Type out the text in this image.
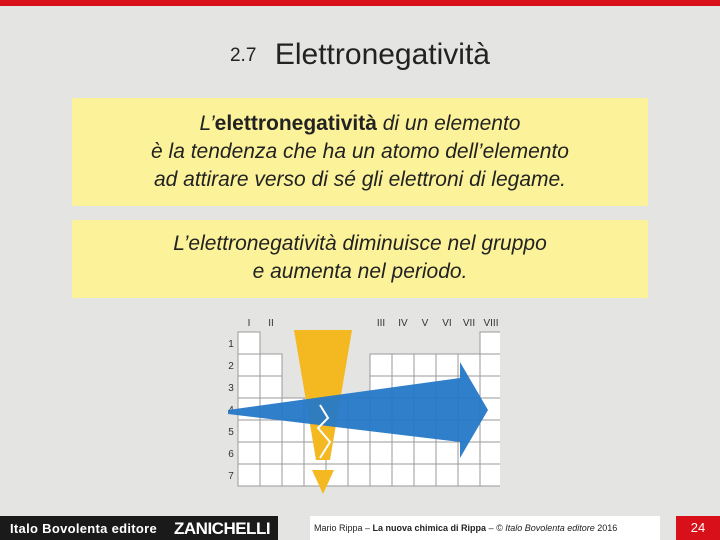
2.7 Elettronegatività
L’elettronegatività di un elemento
è la tendenza che ha un atomo dell’elemento
ad attirare verso di sé gli elettroni di legame.
L’elettronegatività diminuisce nel gruppo
e aumenta nel periodo.
I II	III IV V VI VII VIII
1
2
3
5
6
7
Italo Bovolenta editore ZANICHELLI	Mario Rippa – La nuova chimica di Rippa – © Italo Bovolenta editore 2016	24
